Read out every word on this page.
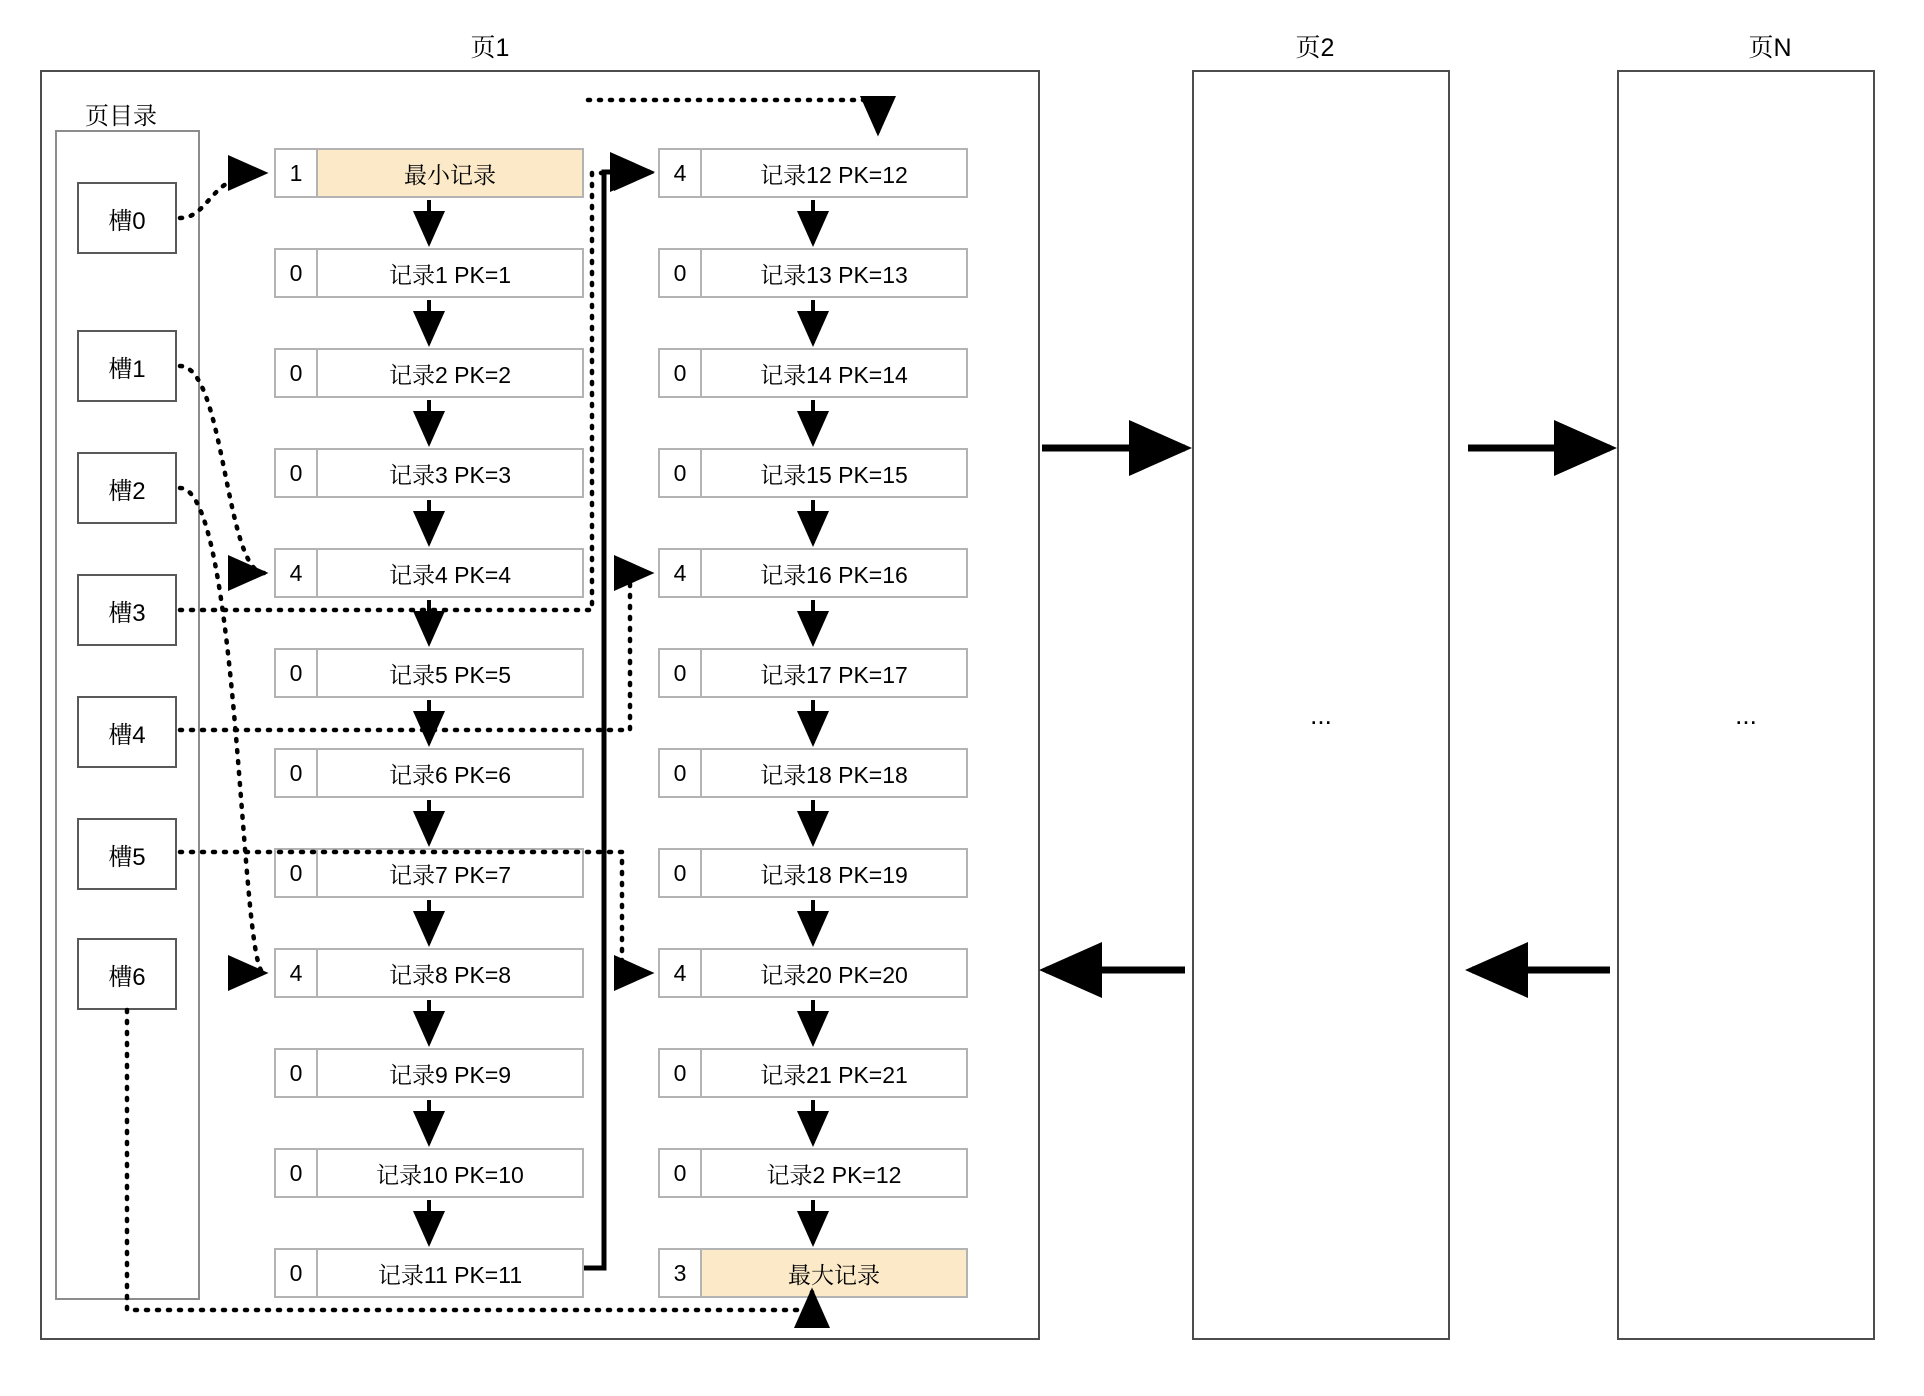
页1	页2	页N
...	...
页目录
槽0
槽1
槽2
槽3
槽4
槽5
槽6
1	最小记录
0	记录1 PK=1
0	记录2 PK=2
0	记录3 PK=3
4	记录4 PK=4
0	记录5 PK=5
0	记录6 PK=6
0	记录7 PK=7
4	记录8 PK=8
0	记录9 PK=9
0	记录10 PK=10
0	记录11 PK=11
4	记录12 PK=12
0	记录13 PK=13
0	记录14 PK=14
0	记录15 PK=15
4	记录16 PK=16
0	记录17 PK=17
0	记录18 PK=18
0	记录18 PK=19
4	记录20 PK=20
0	记录21 PK=21
0	记录2 PK=12
3	最大记录
